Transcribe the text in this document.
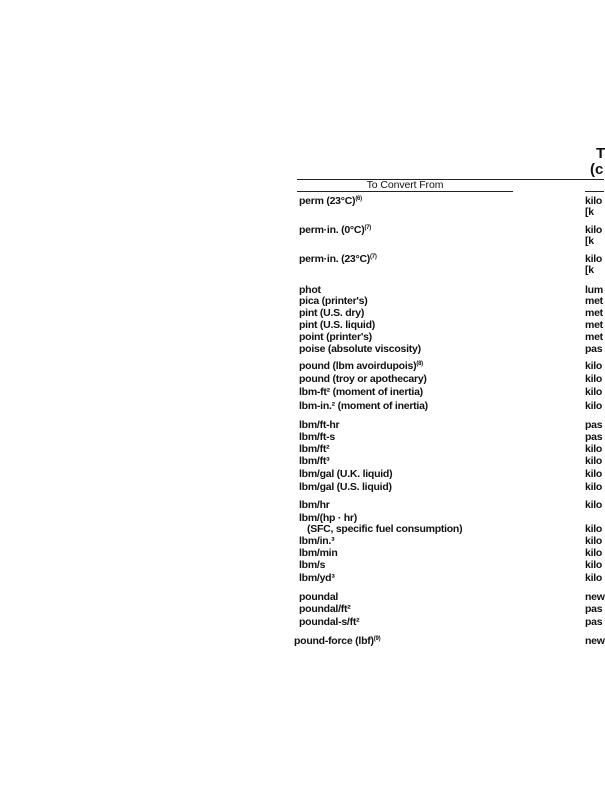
T
(c
To Convert From
perm $(23^\circ C)^{(6)}$	kilo
[k
perm·in. $(0^\circ C)^{(7)}$	kilo
[k
perm·in. $(23^\circ C)^{(7)}$	kilo
[k
phot	lum
pica (printer's)	met
pint (U.S. dry)	met
pint (U.S. liquid)	met
point (printer's)	met
poise (absolute viscosity)	pas
pound (lbm avoirdupois)$^{(8)}$	kilo
pound (troy or apothecary)	kilo
lbm-ft² (moment of inertia)	kilo
lbm-in.² (moment of inertia)	kilo
lbm/ft-hr	pas
lbm/ft-s	pas
lbm/ft²	kilo
lbm/ft³	kilo
lbm/gal (U.K. liquid)	kilo
lbm/gal (U.S. liquid)	kilo
lbm/hr	kilo
lbm/(hp · hr)
(SFC, specific fuel consumption)	kilo
lbm/in.³	kilo
lbm/min	kilo
lbm/s	kilo
lbm/yd³	kilo
poundal	new
poundal/ft²	pas
poundal-s/ft²	pas
pound-force (lbf)$^{(9)}$	new
